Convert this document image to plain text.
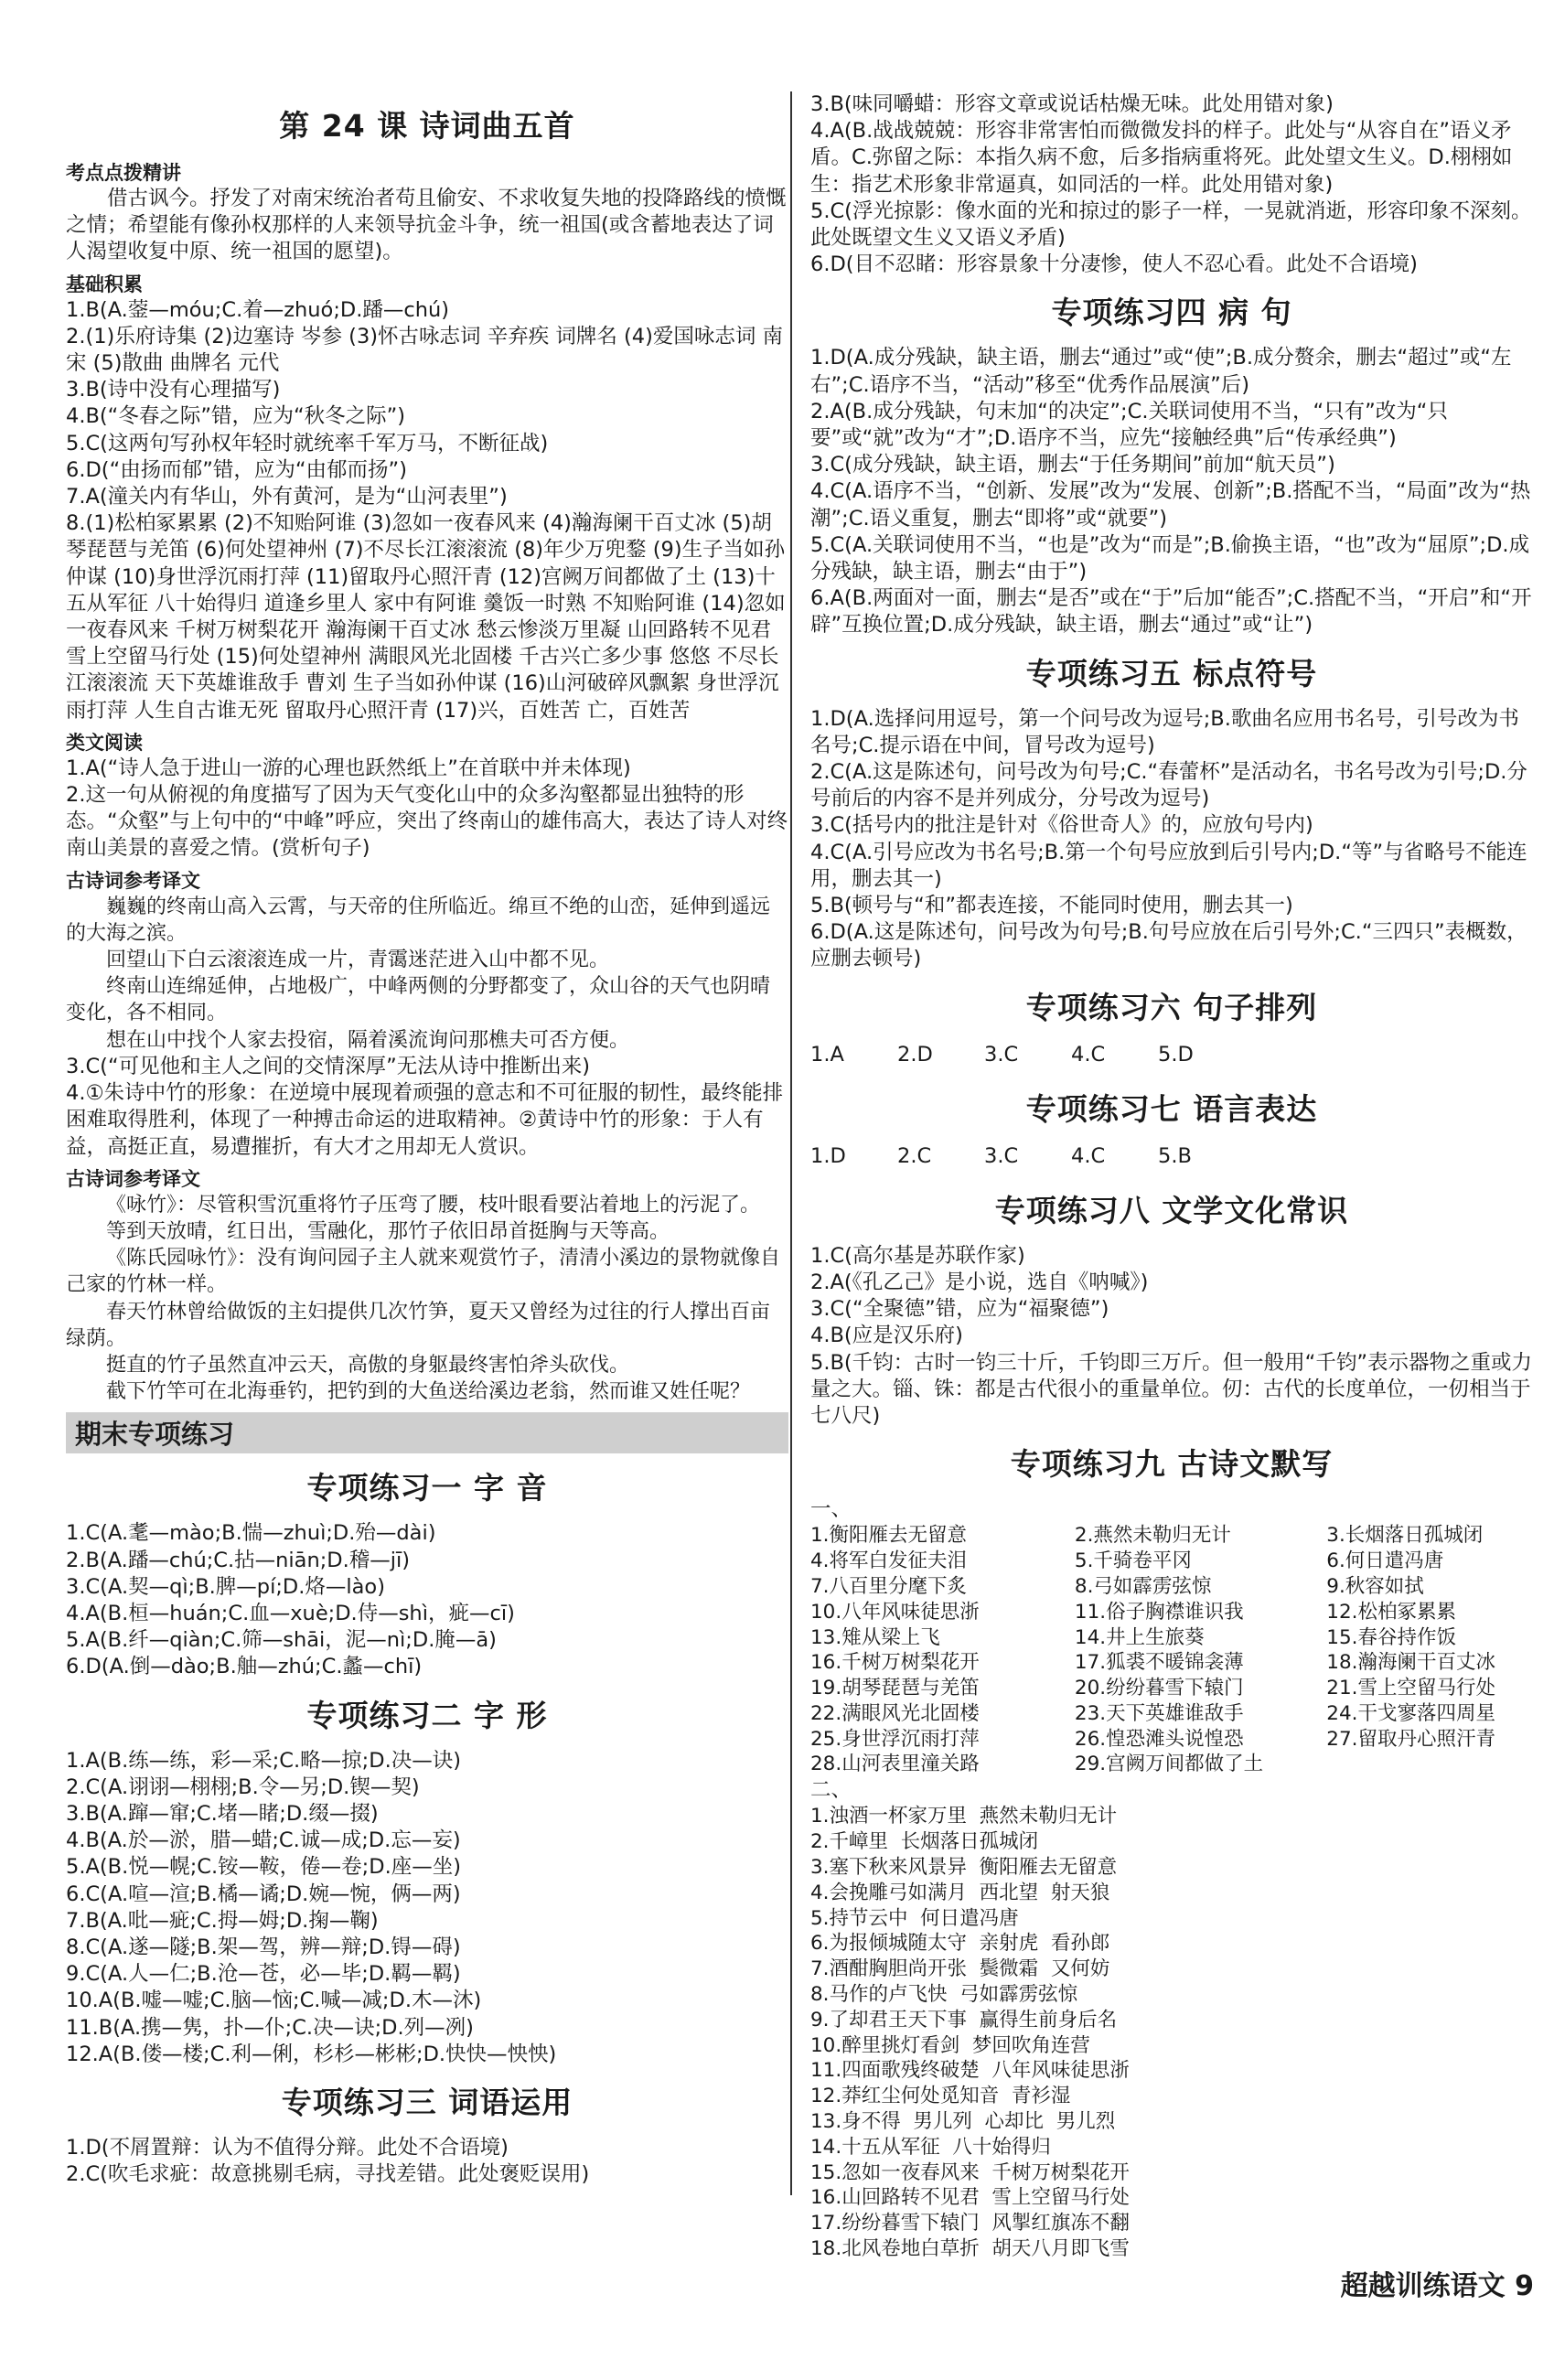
第 24 课 诗词曲五首
考点点拨精讲
借古讽今。抒发了对南宋统治者苟且偷安、不求收复失地的投降路线的愤慨之情；希望能有像孙权那样的人来领导抗金斗争，统一祖国(或含蓄地表达了词人渴望收复中原、统一祖国的愿望)。
基础积累
1.B(A.蓥—móu;C.着—zhuó;D.蹯—chú)
2.(1)乐府诗集 (2)边塞诗 岑参 (3)怀古咏志词 辛弃疾 词牌名 (4)爱国咏志词 南宋 (5)散曲 曲牌名 元代
3.B(诗中没有心理描写)
4.B(“冬春之际”错，应为“秋冬之际”)
5.C(这两句写孙权年轻时就统率千军万马，不断征战)
6.D(“由扬而郁”错，应为“由郁而扬”)
7.A(潼关内有华山，外有黄河，是为“山河表里”)
8.(1)松柏冢累累 (2)不知贻阿谁 (3)忽如一夜春风来 (4)瀚海阑干百丈冰 (5)胡琴琵琶与羌笛 (6)何处望神州 (7)不尽长江滚滚流 (8)年少万兜鍪 (9)生子当如孙仲谋 (10)身世浮沉雨打萍 (11)留取丹心照汗青 (12)宫阙万间都做了土 (13)十五从军征 八十始得归 道逢乡里人 家中有阿谁 羹饭一时熟 不知贻阿谁 (14)忽如一夜春风来 千树万树梨花开 瀚海阑干百丈冰 愁云惨淡万里凝 山回路转不见君 雪上空留马行处 (15)何处望神州 满眼风光北固楼 千古兴亡多少事 悠悠 不尽长江滚滚流 天下英雄谁敌手 曹刘 生子当如孙仲谋 (16)山河破碎风飘絮 身世浮沉雨打萍 人生自古谁无死 留取丹心照汗青 (17)兴，百姓苦 亡，百姓苦
类文阅读
1.A(“诗人急于进山一游的心理也跃然纸上”在首联中并未体现)
2.这一句从俯视的角度描写了因为天气变化山中的众多沟壑都显出独特的形态。“众壑”与上句中的“中峰”呼应，突出了终南山的雄伟高大，表达了诗人对终南山美景的喜爱之情。(赏析句子)
古诗词参考译文
巍巍的终南山高入云霄，与天帝的住所临近。绵亘不绝的山峦，延伸到遥远的大海之滨。
回望山下白云滚滚连成一片，青霭迷茫进入山中都不见。
终南山连绵延伸，占地极广，中峰两侧的分野都变了，众山谷的天气也阴晴变化，各不相同。
想在山中找个人家去投宿，隔着溪流询问那樵夫可否方便。
3.C(“可见他和主人之间的交情深厚”无法从诗中推断出来)
4.①朱诗中竹的形象：在逆境中展现着顽强的意志和不可征服的韧性，最终能排困难取得胜利，体现了一种搏击命运的进取精神。②黄诗中竹的形象：于人有益，高挺正直，易遭摧折，有大才之用却无人赏识。
古诗词参考译文
《咏竹》：尽管积雪沉重将竹子压弯了腰，枝叶眼看要沾着地上的污泥了。
等到天放晴，红日出，雪融化，那竹子依旧昂首挺胸与天等高。
《陈氏园咏竹》：没有询问园子主人就来观赏竹子，清清小溪边的景物就像自己家的竹林一样。
春天竹林曾给做饭的主妇提供几次竹笋，夏天又曾经为过往的行人撑出百亩绿荫。
挺直的竹子虽然直冲云天，高傲的身躯最终害怕斧头砍伐。
截下竹竿可在北海垂钓，把钓到的大鱼送给溪边老翁，然而谁又姓任呢？
期末专项练习
专项练习一 字 音
1.C(A.耄—mào;B.惴—zhuì;D.殆—dài)
2.B(A.蹯—chú;C.拈—niān;D.稽—jī)
3.C(A.契—qì;B.脾—pí;D.烙—lào)
4.A(B.桓—huán;C.血—xuè;D.侍—shì，疵—cī)
5.A(B.纤—qiàn;C.筛—shāi，泥—nì;D.腌—ā)
6.D(A.倒—dào;B.舳—zhú;C.蠡—chī)
专项练习二 字 形
1.A(B.练—练，彩—采;C.略—掠;D.决—诀)
2.C(A.诩诩—栩栩;B.令—另;D.锲—契)
3.B(A.蹿—窜;C.堵—睹;D.缀—掇)
4.B(A.於—淤，腊—蜡;C.诚—成;D.忘—妄)
5.A(B.悦—幌;C.铵—鞍，倦—卷;D.座—坐)
6.C(A.喧—渲;B.橘—谲;D.婉—惋，俩—两)
7.B(A.吡—疵;C.拇—姆;D.掬—鞠)
8.C(A.遂—隧;B.架—驾，辨—辩;D.锝—碍)
9.C(A.人—仁;B.沧—苍，必—毕;D.羁—羁)
10.A(B.嘘—嘘;C.脑—恼;C.喊—减;D.木—沐)
11.B(A.携—隽，扑—仆;C.决—诀;D.列—冽)
12.A(B.偻—楼;C.利—俐，杉杉—彬彬;D.快快—怏怏)
专项练习三 词语运用
1.D(不屑置辩：认为不值得分辩。此处不合语境)
2.C(吹毛求疵：故意挑剔毛病，寻找差错。此处褒贬误用)
3.B(味同嚼蜡：形容文章或说话枯燥无味。此处用错对象)
4.A(B.战战兢兢：形容非常害怕而微微发抖的样子。此处与“从容自在”语义矛盾。C.弥留之际：本指久病不愈，后多指病重将死。此处望文生义。D.栩栩如生：指艺术形象非常逼真，如同活的一样。此处用错对象)
5.C(浮光掠影：像水面的光和掠过的影子一样，一晃就消逝，形容印象不深刻。此处既望文生义又语义矛盾)
6.D(目不忍睹：形容景象十分凄惨，使人不忍心看。此处不合语境)
专项练习四 病 句
1.D(A.成分残缺，缺主语，删去“通过”或“使”;B.成分赘余，删去“超过”或“左右”;C.语序不当，“活动”移至“优秀作品展演”后)
2.A(B.成分残缺，句末加“的决定”;C.关联词使用不当，“只有”改为“只要”或“就”改为“才”;D.语序不当，应先“接触经典”后“传承经典”)
3.C(成分残缺，缺主语，删去“于任务期间”前加“航天员”)
4.C(A.语序不当，“创新、发展”改为“发展、创新”;B.搭配不当，“局面”改为“热潮”;C.语义重复，删去“即将”或“就要”)
5.C(A.关联词使用不当，“也是”改为“而是”;B.偷换主语，“也”改为“屈原”;D.成分残缺，缺主语，删去“由于”)
6.A(B.两面对一面，删去“是否”或在“于”后加“能否”;C.搭配不当，“开启”和“开辟”互换位置;D.成分残缺，缺主语，删去“通过”或“让”)
专项练习五 标点符号
1.D(A.选择问用逗号，第一个问号改为逗号;B.歌曲名应用书名号，引号改为书名号;C.提示语在中间，冒号改为逗号)
2.C(A.这是陈述句，问号改为句号;C.“春蕾杯”是活动名，书名号改为引号;D.分号前后的内容不是并列成分，分号改为逗号)
3.C(括号内的批注是针对《俗世奇人》的，应放句号内)
4.C(A.引号应改为书名号;B.第一个句号应放到后引号内;D.“等”与省略号不能连用，删去其一)
5.B(顿号与“和”都表连接，不能同时使用，删去其一)
6.D(A.这是陈述句，问号改为句号;B.句号应放在后引号外;C.“三四只”表概数，应删去顿号)
专项练习六 句子排列
1.A	2.D 3.C	4.C	5.D
专项练习七 语言表达
1.D 2.C	3.C	4.C	5.B
专项练习八 文学文化常识
1.C(高尔基是苏联作家)
2.A(《孔乙己》是小说，选自《呐喊》)
3.C(“全聚德”错，应为“福聚德”)
4.B(应是汉乐府)
5.B(千钧：古时一钧三十斤，千钧即三万斤。但一般用“千钧”表示器物之重或力量之大。锱、铢：都是古代很小的重量单位。仞：古代的长度单位，一仞相当于七八尺)
专项练习九 古诗文默写
一、
1.衡阳雁去无留意	2.燕然未勒归无计	3.长烟落日孤城闭
4.将军白发征夫泪	5.千骑卷平冈	6.何日遣冯唐
7.八百里分麾下炙	8.弓如霹雳弦惊	9.秋容如拭
10.八年风味徒思浙	11.俗子胸襟谁识我	12.松柏冢累累
13.雉从梁上飞	14.井上生旅葵	15.春谷持作饭
16.千树万树梨花开	17.狐裘不暖锦衾薄	18.瀚海阑干百丈冰
19.胡琴琵琶与羌笛	20.纷纷暮雪下辕门	21.雪上空留马行处
22.满眼风光北固楼	23.天下英雄谁敌手	24.干戈寥落四周星
25.身世浮沉雨打萍	26.惶恐滩头说惶恐	27.留取丹心照汗青
28.山河表里潼关路	29.宫阙万间都做了土
二、
1.浊酒一杯家万里  燕然未勒归无计
2.千嶂里  长烟落日孤城闭
3.塞下秋来风景异  衡阳雁去无留意
4.会挽雕弓如满月  西北望  射天狼
5.持节云中  何日遣冯唐
6.为报倾城随太守  亲射虎  看孙郎
7.酒酣胸胆尚开张  鬓微霜  又何妨
8.马作的卢飞快  弓如霹雳弦惊
9.了却君王天下事  赢得生前身后名
10.醉里挑灯看剑  梦回吹角连营
11.四面歌残终破楚  八年风味徒思浙
12.莽红尘何处觅知音  青衫湿
13.身不得  男儿列  心却比  男儿烈
14.十五从军征  八十始得归
15.忽如一夜春风来  千树万树梨花开
16.山回路转不见君  雪上空留马行处
17.纷纷暮雪下辕门  风掣红旗冻不翻
18.北风卷地白草折  胡天八月即飞雪
超越训练语文 9
